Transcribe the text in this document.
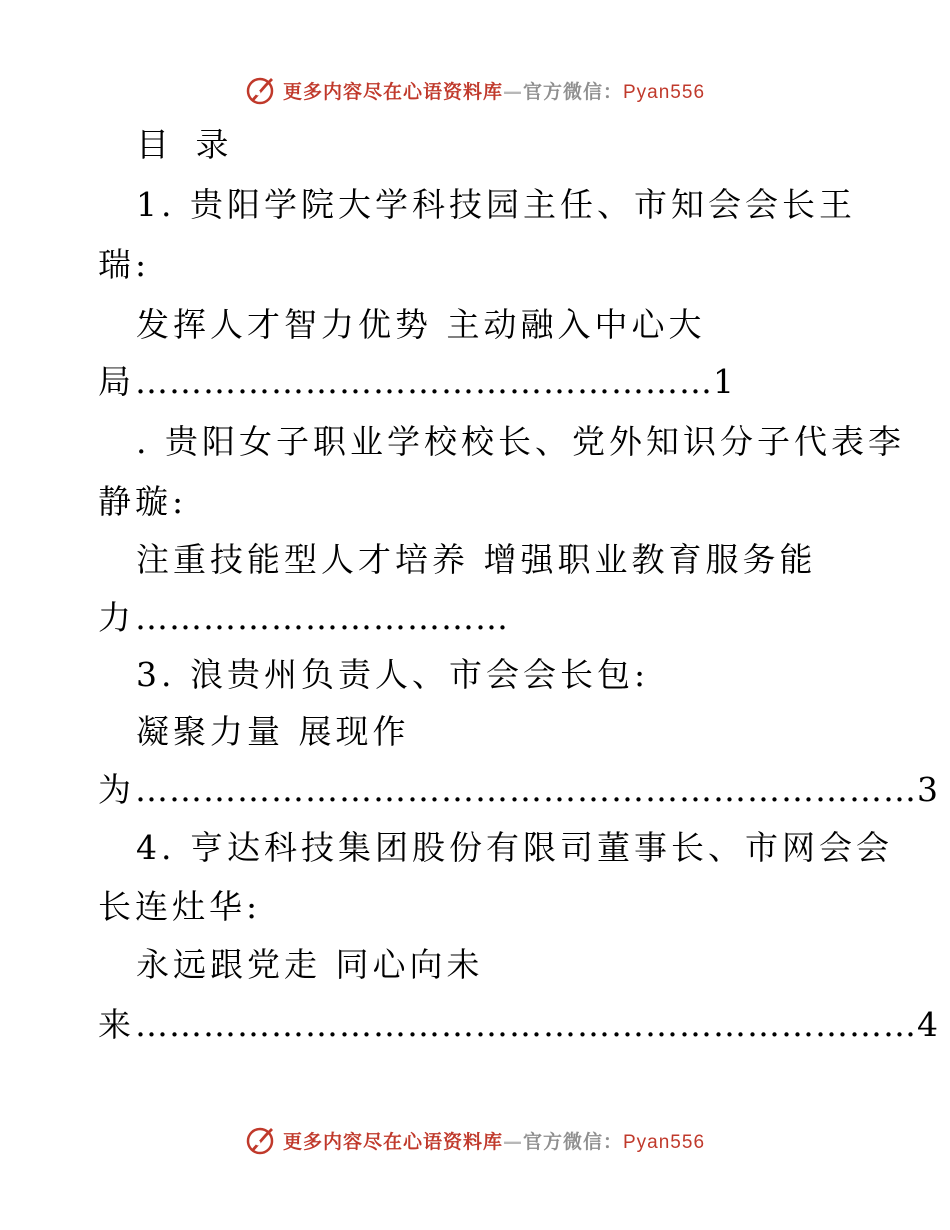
更多内容尽在心语资料库—官方微信：Pyan556
目 录
1. 贵阳学院大学科技园主任、市知会会长王
瑞:
发挥人才智力优势 主动融入中心大
局……………………………………………1
. 贵阳女子职业学校校长、党外知识分子代表李
静璇:
注重技能型人才培养 增强职业教育服务能
力……………………………
3. 浪贵州负责人、市会会长包:
凝聚力量 展现作
为……………………………………………………………3
4. 亨达科技集团股份有限司董事长、市网会会
长连灶华:
永远跟党走 同心向未
来……………………………………………………………4
更多内容尽在心语资料库—官方微信：Pyan556
